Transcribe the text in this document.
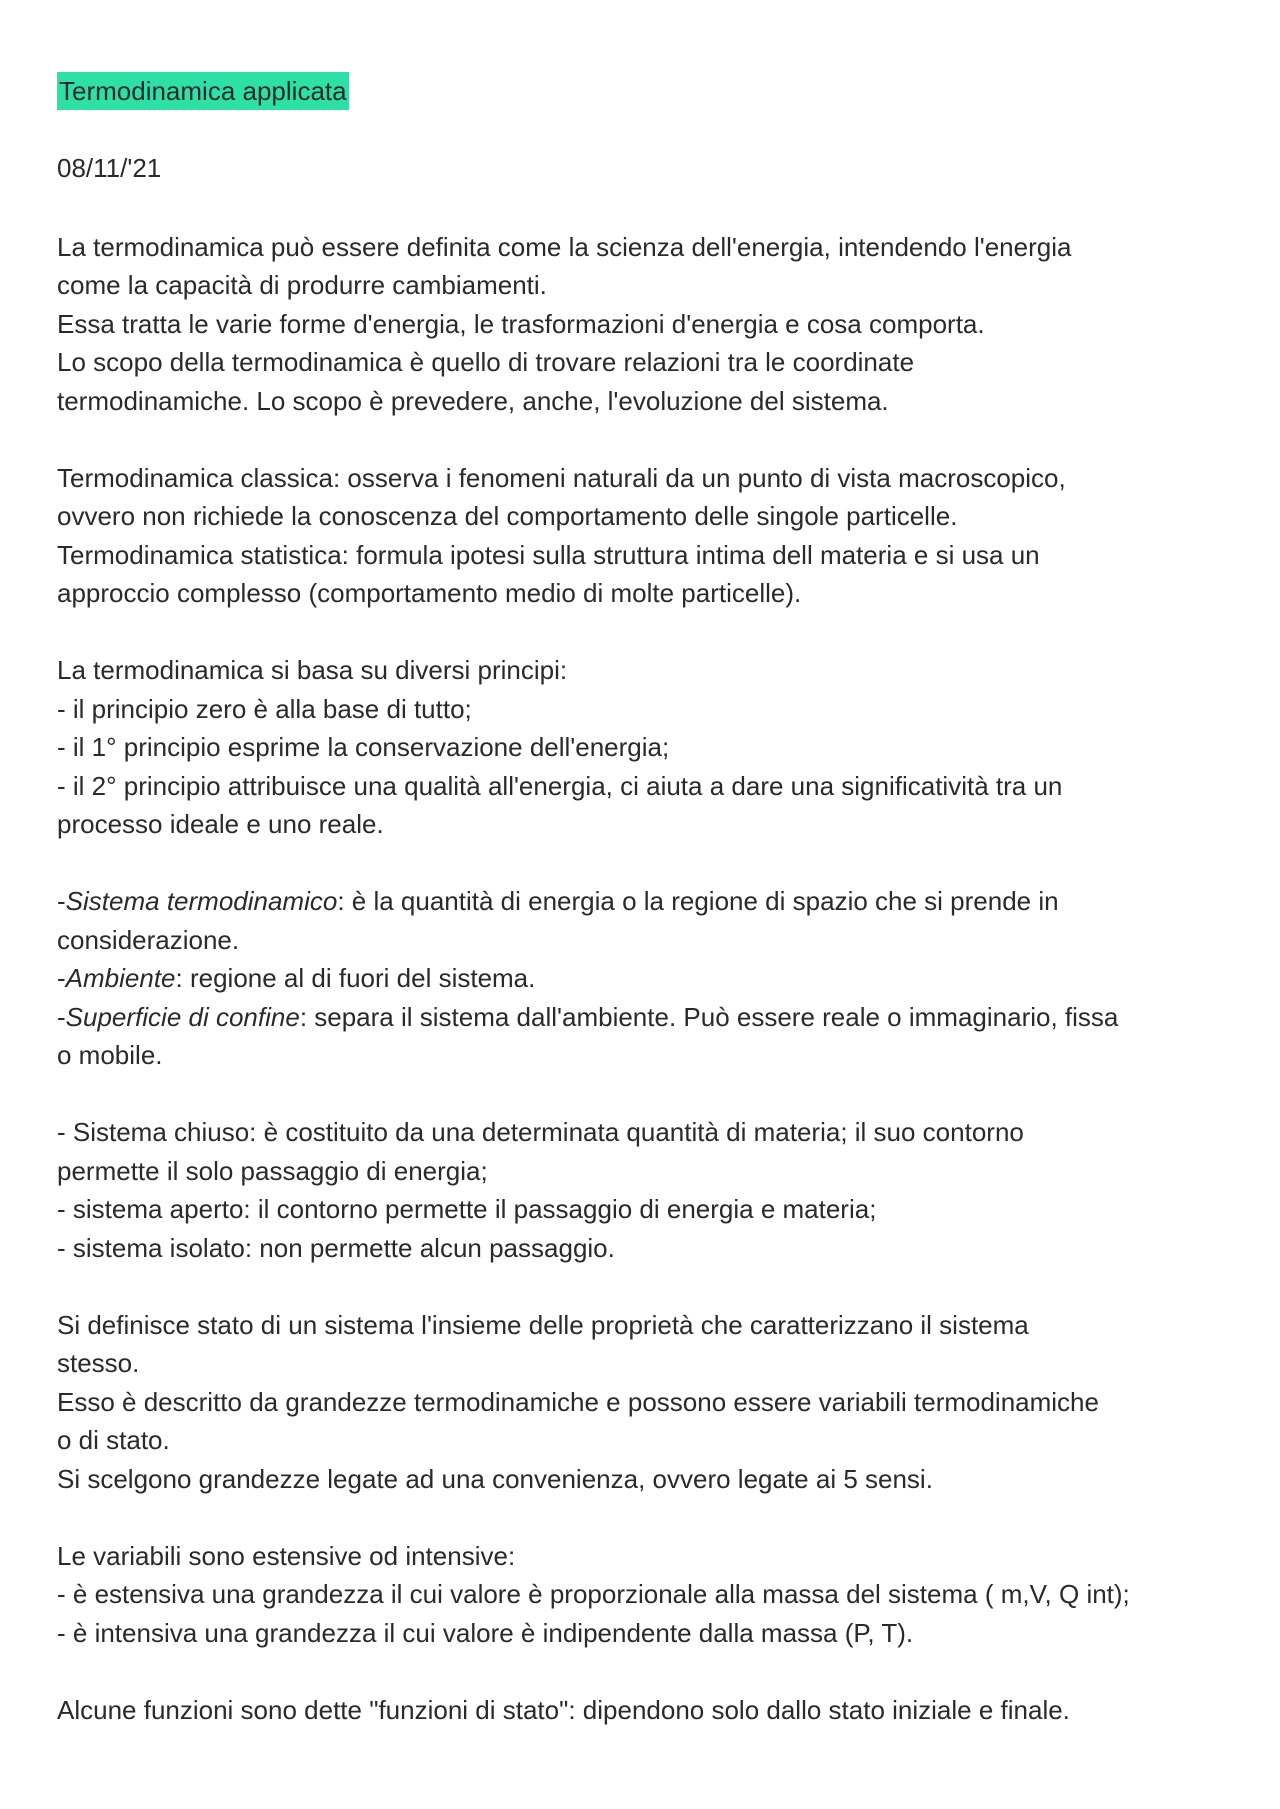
Termodinamica applicata
08/11/'21
La termodinamica può essere definita come la scienza dell'energia, intendendo l'energia
come la capacità di produrre cambiamenti.
Essa tratta le varie forme d'energia, le trasformazioni d'energia e cosa comporta.
Lo scopo della termodinamica è quello di trovare relazioni tra le coordinate
termodinamiche. Lo scopo è prevedere, anche, l'evoluzione del sistema.
Termodinamica classica: osserva i fenomeni naturali da un punto di vista macroscopico,
ovvero non richiede la conoscenza del comportamento delle singole particelle.
Termodinamica statistica: formula ipotesi sulla struttura intima dell materia e si usa un
approccio complesso (comportamento medio di molte particelle).
La termodinamica si basa su diversi principi:
- il principio zero è alla base di tutto;
- il 1° principio esprime la conservazione dell'energia;
- il 2° principio attribuisce una qualità all'energia, ci aiuta a dare una significatività tra un
processo ideale e uno reale.
-Sistema termodinamico: è la quantità di energia o la regione di spazio che si prende in
considerazione.
-Ambiente: regione al di fuori del sistema.
-Superficie di confine: separa il sistema dall'ambiente. Può essere reale o immaginario, fissa
o mobile.
- Sistema chiuso: è costituito da una determinata quantità di materia; il suo contorno
permette il solo passaggio di energia;
- sistema aperto: il contorno permette il passaggio di energia e materia;
- sistema isolato: non permette alcun passaggio.
Si definisce stato di un sistema l'insieme delle proprietà che caratterizzano il sistema
stesso.
Esso è descritto da grandezze termodinamiche e possono essere variabili termodinamiche
o di stato.
Si scelgono grandezze legate ad una convenienza, ovvero legate ai 5 sensi.
Le variabili sono estensive od intensive:
- è estensiva una grandezza il cui valore è proporzionale alla massa del sistema ( m,V, Q int);
- è intensiva una grandezza il cui valore è indipendente dalla massa (P, T).
Alcune funzioni sono dette "funzioni di stato": dipendono solo dallo stato iniziale e finale.
